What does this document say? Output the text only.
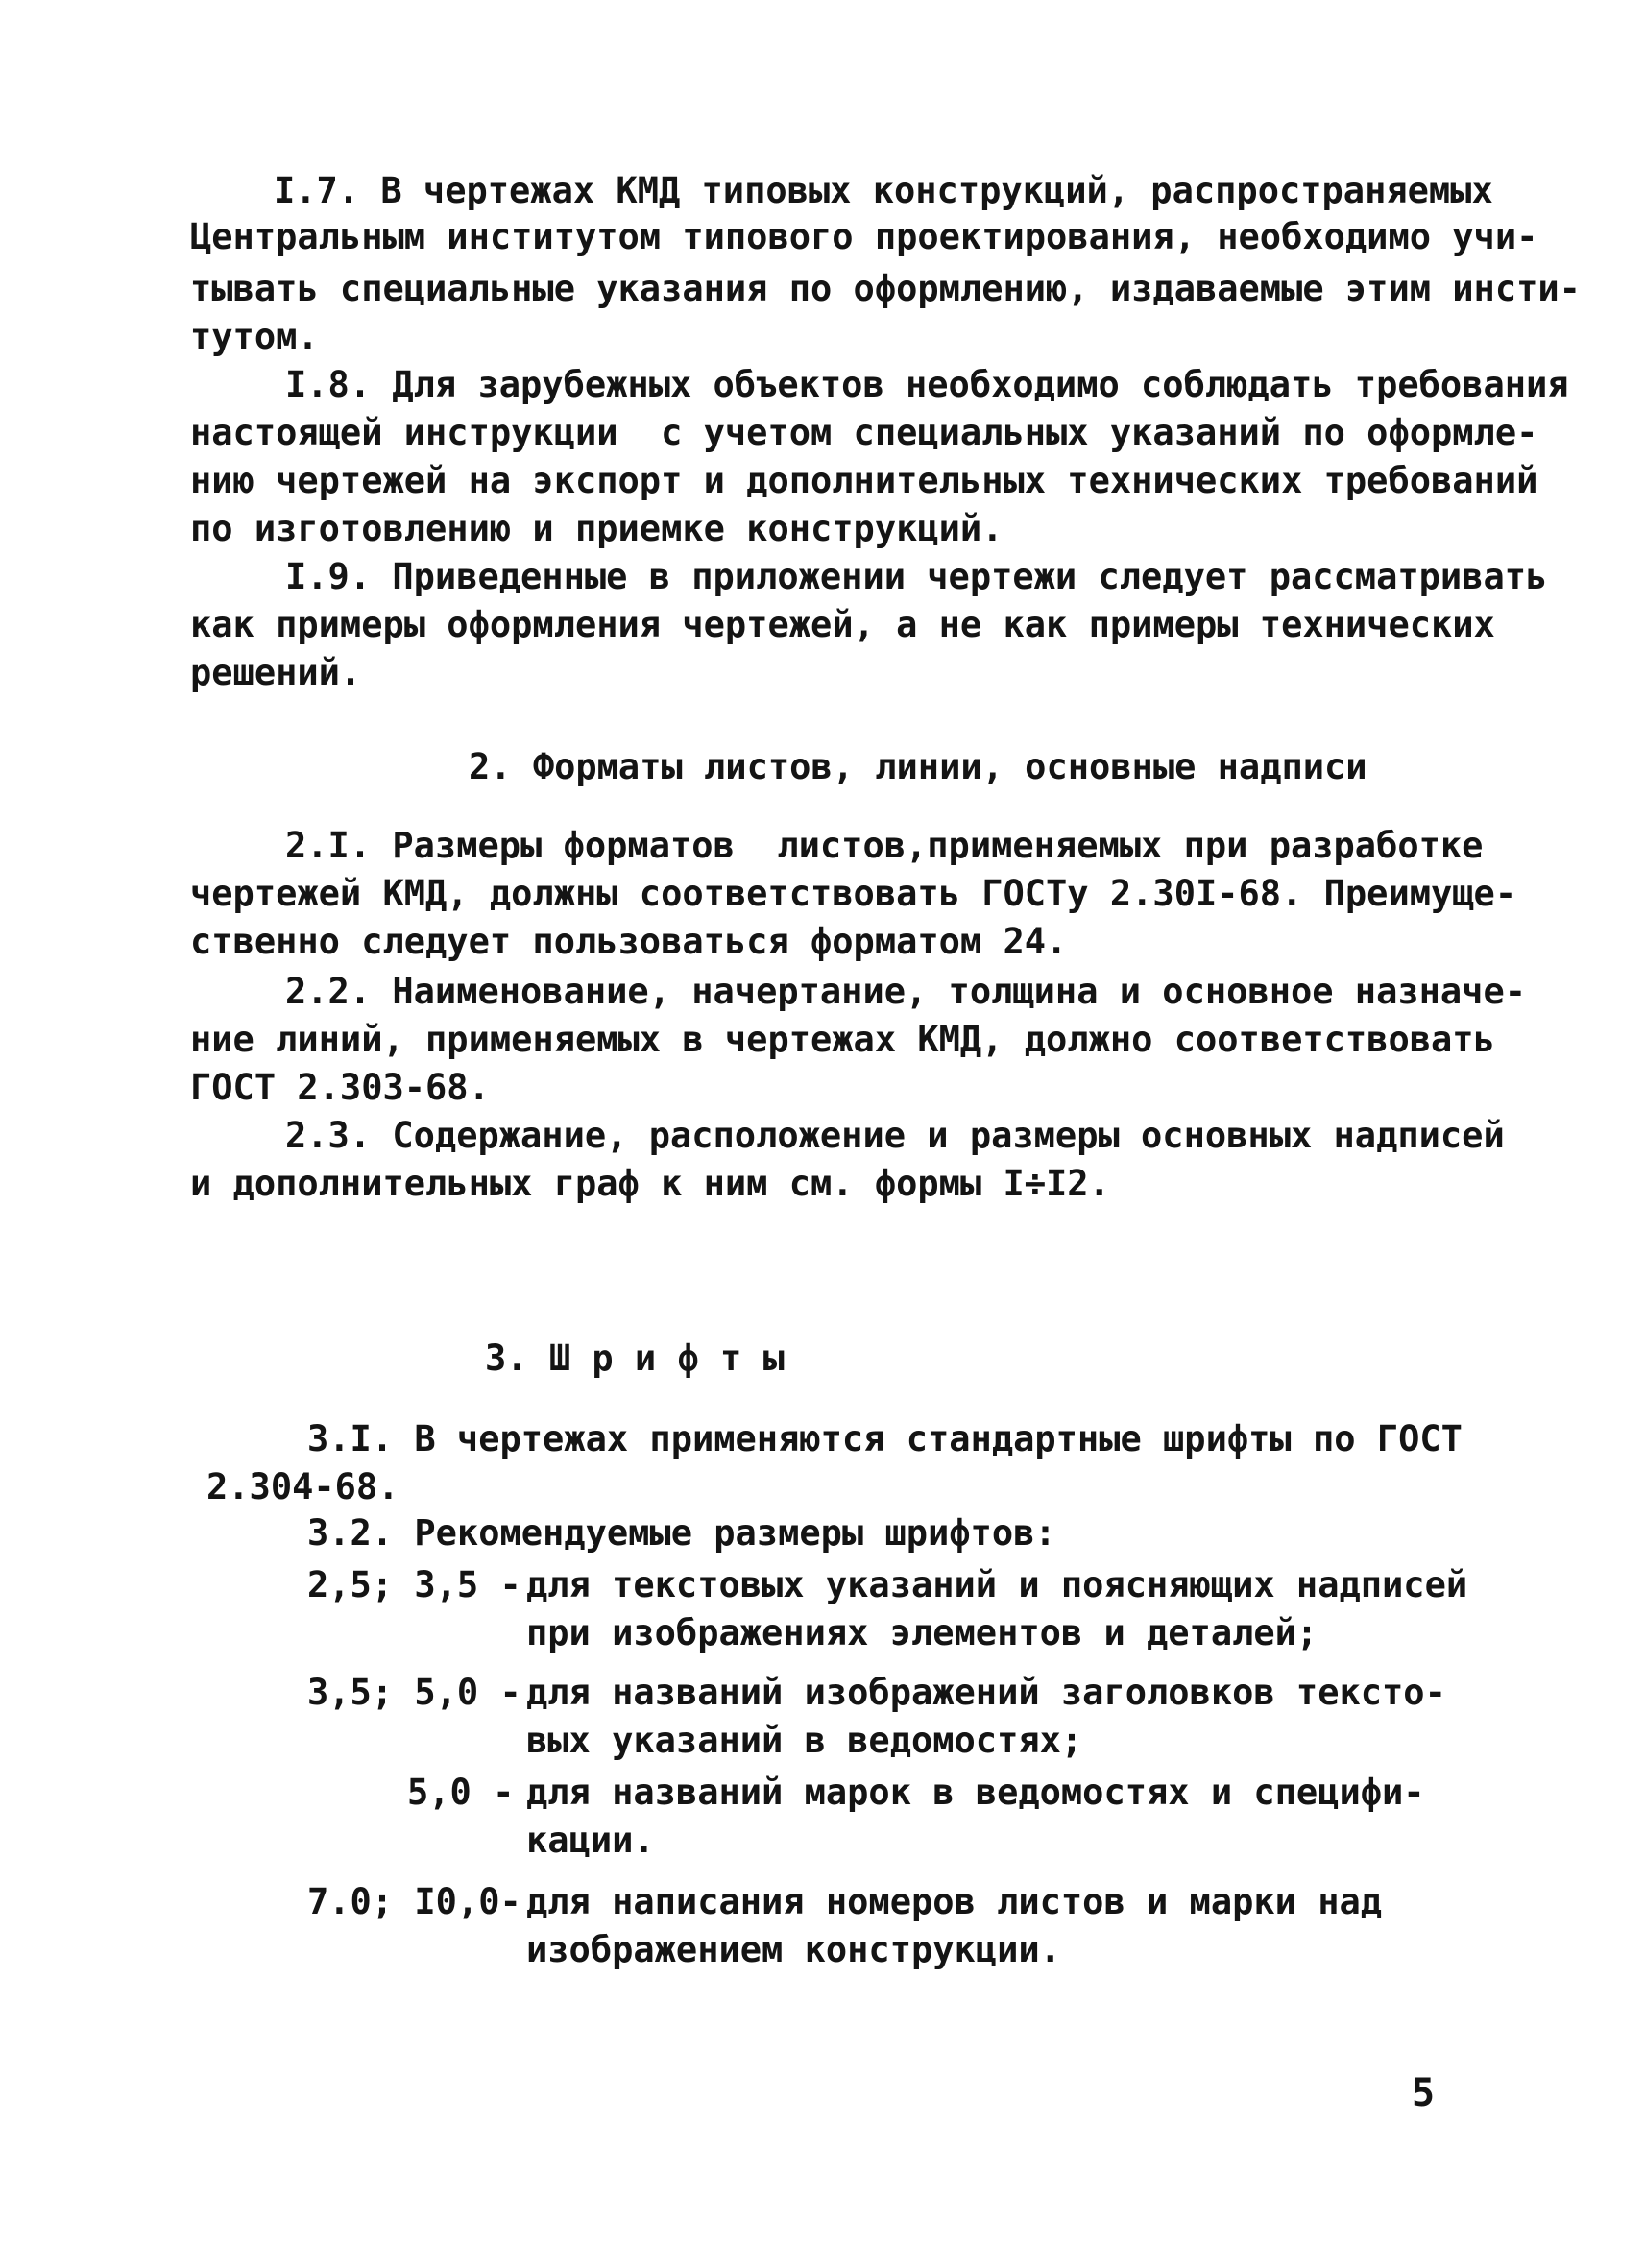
I.7. В чертежах КМД типовых конструкций, распространяемых
Центральным институтом типового проектирования, необходимо учи-
тывать специальные указания по оформлению, издаваемые этим инсти-
тутом.
I.8. Для зарубежных объектов необходимо соблюдать требования
настоящей инструкции  с учетом специальных указаний по оформле-
нию чертежей на экспорт и дополнительных технических требований
по изготовлению и приемке конструкций.
I.9. Приведенные в приложении чертежи следует рассматривать
как примеры оформления чертежей, а не как примеры технических
решений.
2. Форматы листов, линии, основные надписи
2.I. Размеры форматов  листов,применяемых при разработке
чертежей КМД, должны соответствовать ГОСТу 2.30I-68. Преимуще-
ственно следует пользоваться форматом 24.
2.2. Наименование, начертание, толщина и основное назначе-
ние линий, применяемых в чертежах КМД, должно соответствовать
ГОСТ 2.303-68.
2.3. Содержание, расположение и размеры основных надписей
и дополнительных граф к ним см. формы I÷I2.
3. Ш р и ф т ы
3.I. В чертежах применяются стандартные шрифты по ГОСТ
2.304-68.
3.2. Рекомендуемые размеры шрифтов:
2,5; 3,5 - для текстовых указаний и поясняющих надписей
при изображениях элементов и деталей;
3,5; 5,0 - для названий изображений заголовков тексто-
вых указаний в ведомостях;
5,0 - для названий марок в ведомостях и специфи-
кации.
7.0; I0,0- для написания номеров листов и марки над
изображением конструкции.
5
